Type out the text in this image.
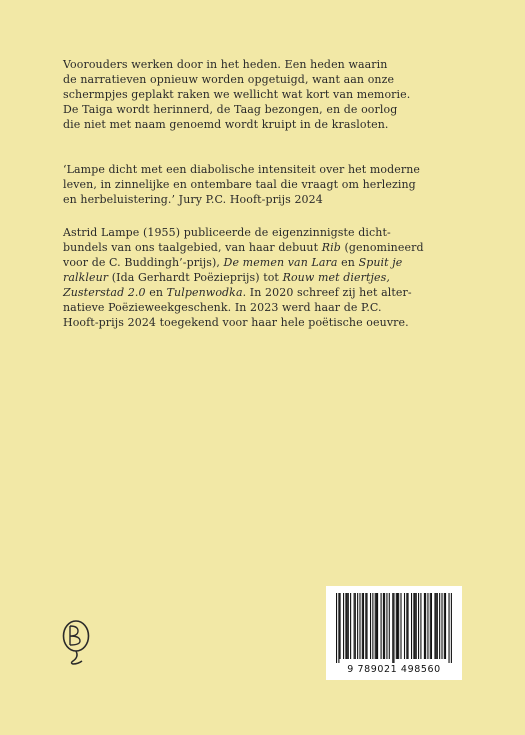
Voorouders werken door in het heden. Een heden waarin
de narratieven opnieuw worden opgetuigd, want aan onze
schermpjes geplakt raken we wellicht wat kort van memorie.
De Taiga wordt herinnerd, de Taag bezongen, en de oorlog
die niet met naam genoemd wordt kruipt in de krasloten.
‘Lampe dicht met een diabolische intensiteit over het moderne
leven, in zinnelijke en ontembare taal die vraagt om herlezing
en herbeluistering.’ Jury P.C. Hooft-prijs 2024
Astrid Lampe (1955) publiceerde de eigenzinnigste dicht-
bundels van ons taalgebied, van haar debuut Rib (genomineerd
voor de C. Buddingh’-prijs), De memen van Lara en Spuit je
ralkleur (Ida Gerhardt Poëzieprijs) tot Rouw met diertjes,
Zusterstad 2.0 en Tulpenwodka. In 2020 schreef zij het alter-
natieve Poëzieweekgeschenk. In 2023 werd haar de P.C.
Hooft-prijs 2024 toegekend voor haar hele poëtische oeuvre.
9 789021 498560
